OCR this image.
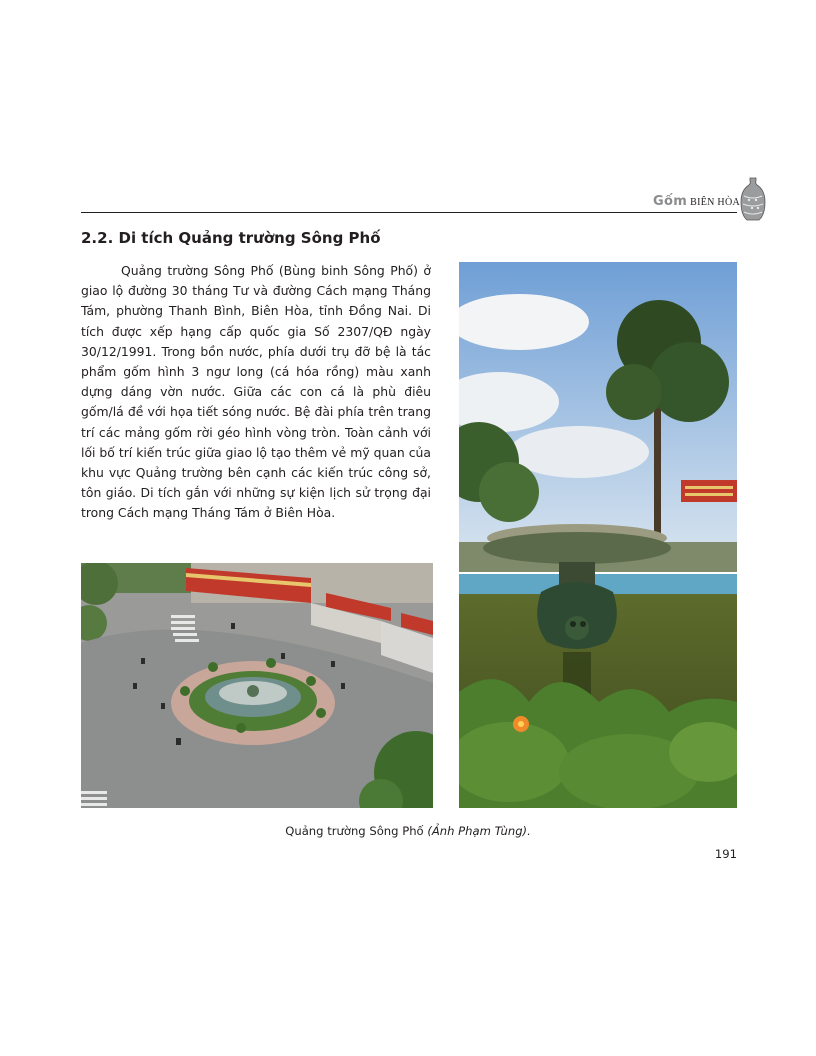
Gốm BIÊN HÒA
2.2. Di tích Quảng trường Sông Phố

Quảng trường Sông Phố (Bùng binh Sông Phố) ở giao lộ đường 30 tháng Tư và đường Cách mạng Tháng Tám, phường Thanh Bình, Biên Hòa, tỉnh Đồng Nai. Di tích được xếp hạng cấp quốc gia Số 2307/QĐ ngày 30/12/1991. Trong bồn nước, phía dưới trụ đỡ bệ là tác phẩm gốm hình 3 ngư long (cá hóa rồng) màu xanh dựng dáng vờn nước. Giữa các con cá là phù điêu gốm/lá đề với họa tiết sóng nước. Bệ đài phía trên trang trí các mảng gốm rời géo hình vòng tròn. Toàn cảnh với lối bố trí kiến trúc giữa giao lộ tạo thêm vẻ mỹ quan của khu vực Quảng trường bên cạnh các kiến trúc công sở, tôn giáo. Di tích gắn với những sự kiện lịch sử trọng đại trong Cách mạng Tháng Tám ở Biên Hòa.

Quảng trường Sông Phố (Ảnh Phạm Tùng).

191
